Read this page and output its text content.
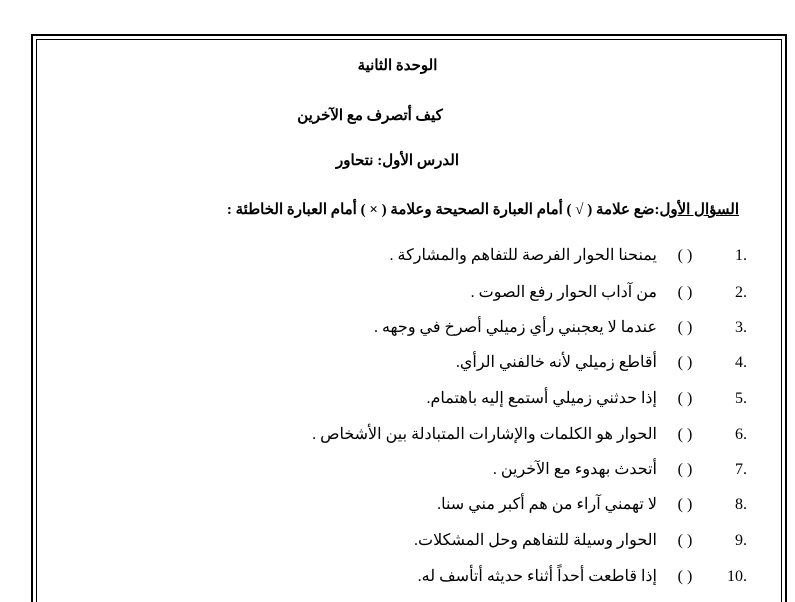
الوحدة الثانية
كيف أتصرف مع الآخرين
الدرس الأول: نتحاور
السؤال الأول:ضع علامة ( √ ) أمام العبارة الصحيحة وعلامة ( × ) أمام العبارة الخاطئة :
1. ( ) يمنحنا الحوار الفرصة للتفاهم والمشاركة .
2. ( ) من آداب الحوار رفع الصوت .
3. ( ) عندما لا يعجبني رأي زميلي أصرخ في وجهه .
4. ( ) أقاطع زميلي لأنه خالفني الرأي.
5. ( ) إذا حدثني زميلي أستمع إليه باهتمام.
6. ( ) الحوار هو الكلمات والإشارات المتبادلة بين الأشخاص .
7. ( ) أتحدث بهدوء مع الآخرين .
8. ( ) لا تهمني آراء من هم أكبر مني سنا.
9. ( ) الحوار وسيلة للتفاهم وحل المشكلات.
10. ( ) إذا قاطعت أحداً أثناء حديثه أتأسف له.
